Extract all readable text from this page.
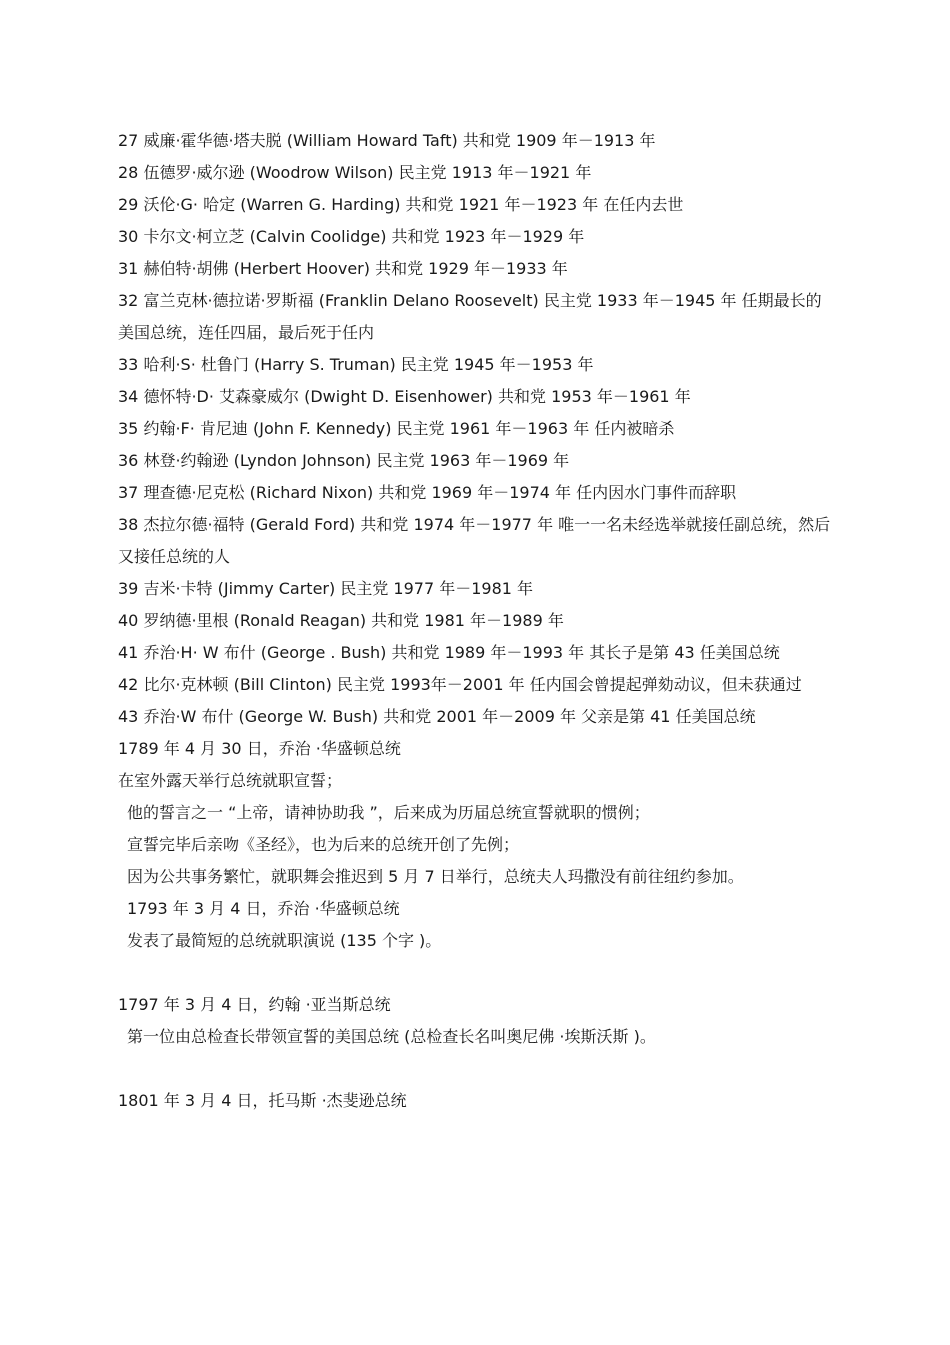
27 威廉·霍华德·塔夫脱 (William Howard Taft) 共和党 1909 年－1913 年
28 伍德罗·威尔逊 (Woodrow Wilson) 民主党 1913 年－1921 年
29 沃伦·G· 哈定 (Warren G. Harding) 共和党 1921 年－1923 年 在任内去世
30 卡尔文·柯立芝 (Calvin Coolidge) 共和党 1923 年－1929 年
31 赫伯特·胡佛 (Herbert Hoover) 共和党 1929 年－1933 年
32 富兰克林·德拉诺·罗斯福 (Franklin Delano Roosevelt) 民主党 1933 年－1945 年 任期最长的美国总统，连任四届，最后死于任内
33 哈利·S· 杜鲁门 (Harry S. Truman) 民主党 1945 年－1953 年
34 德怀特·D· 艾森豪威尔 (Dwight D. Eisenhower) 共和党 1953 年－1961 年
35 约翰·F· 肯尼迪 (John F. Kennedy) 民主党 1961 年－1963 年 任内被暗杀
36 林登·约翰逊 (Lyndon Johnson) 民主党 1963 年－1969 年
37 理查德·尼克松 (Richard Nixon) 共和党 1969 年－1974 年 任内因水门事件而辞职
38 杰拉尔德·福特 (Gerald Ford) 共和党 1974 年－1977 年 唯一一名未经选举就接任副总统，然后又接任总统的人
39 吉米·卡特 (Jimmy Carter) 民主党 1977 年－1981 年
40 罗纳德·里根 (Ronald Reagan) 共和党 1981 年－1989 年
41 乔治·H· W 布什 (George . Bush) 共和党 1989 年－1993 年 其长子是第 43 任美国总统
42 比尔·克林顿 (Bill Clinton) 民主党 1993年－2001 年 任内国会曾提起弹劾动议，但未获通过
43 乔治·W 布什 (George W. Bush) 共和党 2001 年－2009 年 父亲是第 41 任美国总统
1789 年 4 月 30 日，乔治 ·华盛顿总统
在室外露天举行总统就职宣誓；
他的誓言之一 “上帝，请神协助我 ”，后来成为历届总统宣誓就职的惯例；
宣誓完毕后亲吻《圣经》，也为后来的总统开创了先例；
因为公共事务繁忙，就职舞会推迟到 5 月 7 日举行，总统夫人玛撒没有前往纽约参加。
1793 年 3 月 4 日，乔治 ·华盛顿总统
发表了最简短的总统就职演说 (135 个字 )。
1797 年 3 月 4 日，约翰 ·亚当斯总统
第一位由总检查长带领宣誓的美国总统 (总检查长名叫奥尼佛 ·埃斯沃斯 )。
1801 年 3 月 4 日，托马斯 ·杰斐逊总统
